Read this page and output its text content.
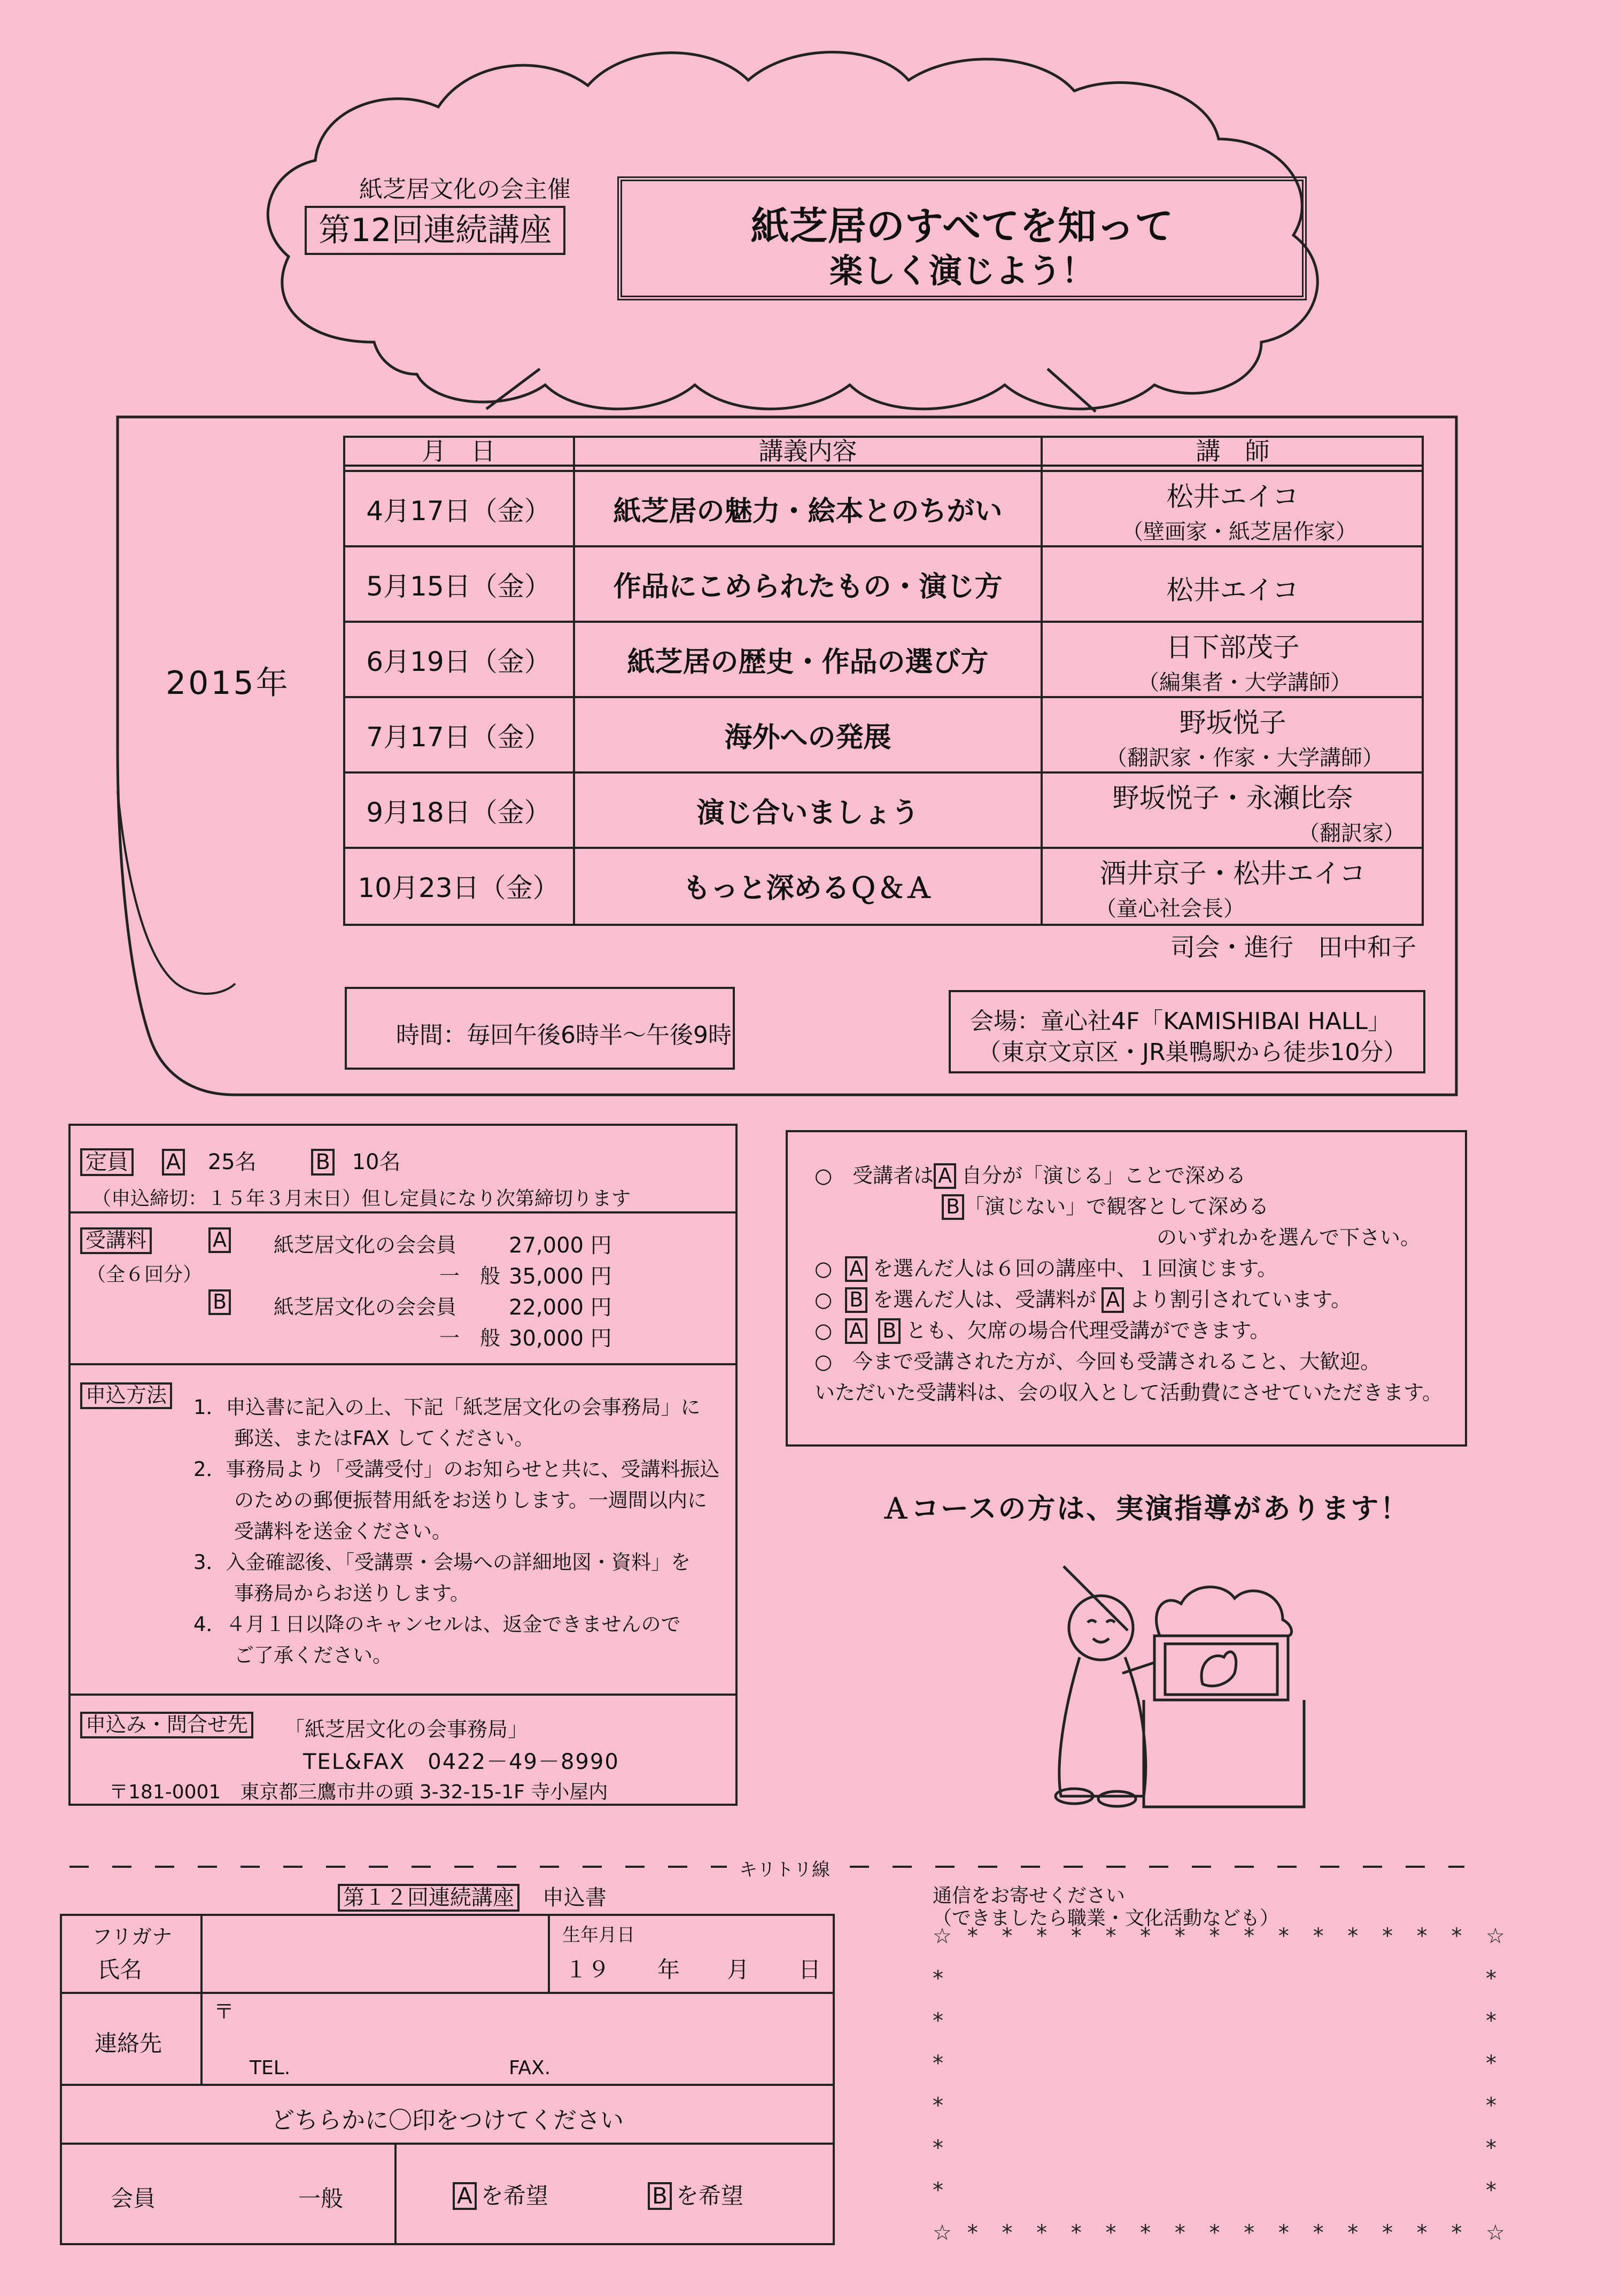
紙芝居文化の会主催
第12回連続講座	紙芝居のすべてを知って
楽しく演じよう！
2015年
月　日	講義内容	講　師
4月17日（金）	紙芝居の魅力・絵本とのちがい	松井エイコ
（壁画家・紙芝居作家）
5月15日（金）	作品にこめられたもの・演じ方	松井エイコ
6月19日（金）	紙芝居の歴史・作品の選び方	日下部茂子
（編集者・大学講師）
7月17日（金）	海外への発展	野坂悦子
（翻訳家・作家・大学講師）
9月18日（金）	演じ合いましょう	野坂悦子・永瀬比奈
（翻訳家）
10月23日（金）	もっと深めるＱ＆Ａ	酒井京子・松井エイコ
（童心社会長）
司会・進行　田中和子
時間：毎回午後6時半～午後9時
会場：童心社4F「KAMISHIBAI HALL」
（東京文京区・JR巣鴨駅から徒歩10分）
定員 A 25名	B 10名
（申込締切：１５年３月末日）但し定員になり次第締切ります
受講料
（全６回分）
A 紙芝居文化の会会員 27,000 円
一　般 35,000 円
B 紙芝居文化の会会員 22,000 円
一　般 30,000 円
申込方法
1．申込書に記入の上、下記「紙芝居文化の会事務局」に
郵送、またはFAX してください。
2．事務局より「受講受付」のお知らせと共に、受講料振込
のための郵便振替用紙をお送りします。一週間以内に
受講料を送金ください。
3．入金確認後、「受講票・会場への詳細地図・資料」を
事務局からお送りします。
4．４月１日以降のキャンセルは、返金できませんので
ご了承ください。
申込み・問合せ先 「紙芝居文化の会事務局」
TEL&FAX　0422－49－8990
〒181-0001　東京都三鷹市井の頭 3-32-15-1F 寺小屋内
○　受講者は A 自分が「演じる」ことで深める
B 「演じない」で観客として深める
のいずれかを選んで下さい。
○ A を選んだ人は６回の講座中、１回演じます。
○ B を選んだ人は、受講料が A より割引されています。
○ A B とも、欠席の場合代理受講ができます。
○　今まで受講された方が、今回も受講されること、大歓迎。
いただいた受講料は、会の収入として活動費にさせていただきます。
Ａコースの方は、実演指導があります！
キリトリ線
第１２回連続講座 申込書
フリガナ
氏名
生年月日
１９ 年 月 日
連絡先
〒
TEL.	FAX.
どちらかに〇印をつけてください
会員	一般	A を希望	B を希望
通信をお寄せください
（できましたら職業・文化活動なども）
☆
☆
*
*
*
*
*
*
*
*
*
*
*
*
*
*
*
*
*
*
*
*
*
*
*
*
*
*
*
*
*
*
☆
☆
*	*
*	*
*	*
*	*
*	*
*	*
